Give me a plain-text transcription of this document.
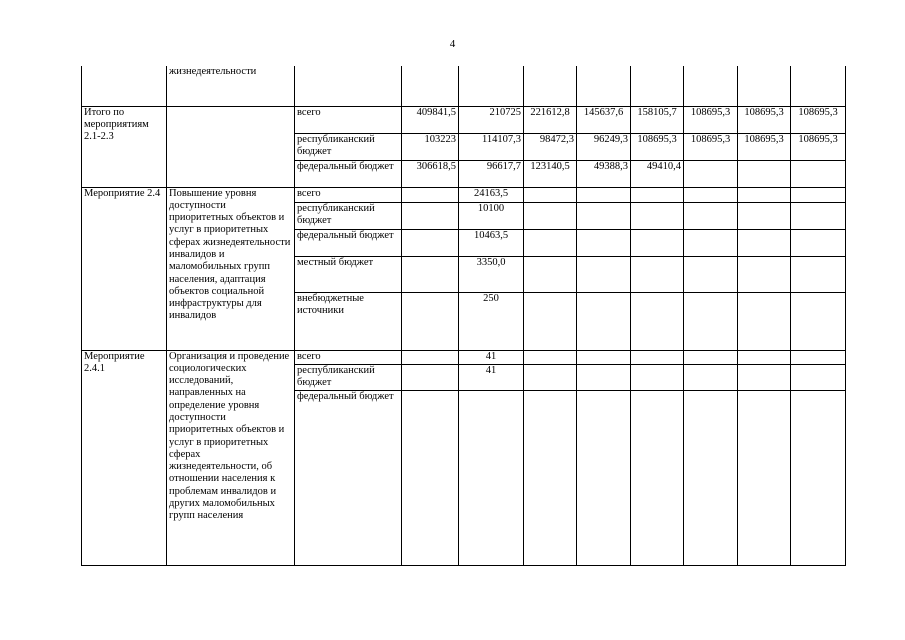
4
	жизнедеятельности									
Итого по мероприятиям 2.1-2.3		всего	409841,5	210725	221612,8	145637,6	158105,7	108695,3	108695,3	108695,3
		республиканский бюджет	103223	114107,3	98472,3	96249,3	108695,3	108695,3	108695,3	108695,3
		федеральный бюджет	306618,5	96617,7	123140,5	49388,3	49410,4			
Мероприятие 2.4	Повышение уровня доступности приоритетных объектов и услуг в приоритетных сферах жизнедеятельности инвалидов и маломобильных групп населения, адаптация объектов социальной инфраструктуры для инвалидов	всего		24163,5						
		республиканский бюджет		10100						
		федеральный бюджет		10463,5						
		местный бюджет		3350,0						
		внебюджетные источники		250						
Мероприятие 2.4.1	Организация и проведение социологических исследований, направленных на определение уровня доступности приоритетных объектов и услуг в приоритетных сферах жизнедеятельности, об отношении населения к проблемам инвалидов и других маломобильных групп населения	всего		41						
		республиканский бюджет		41						
		федеральный бюджет								
